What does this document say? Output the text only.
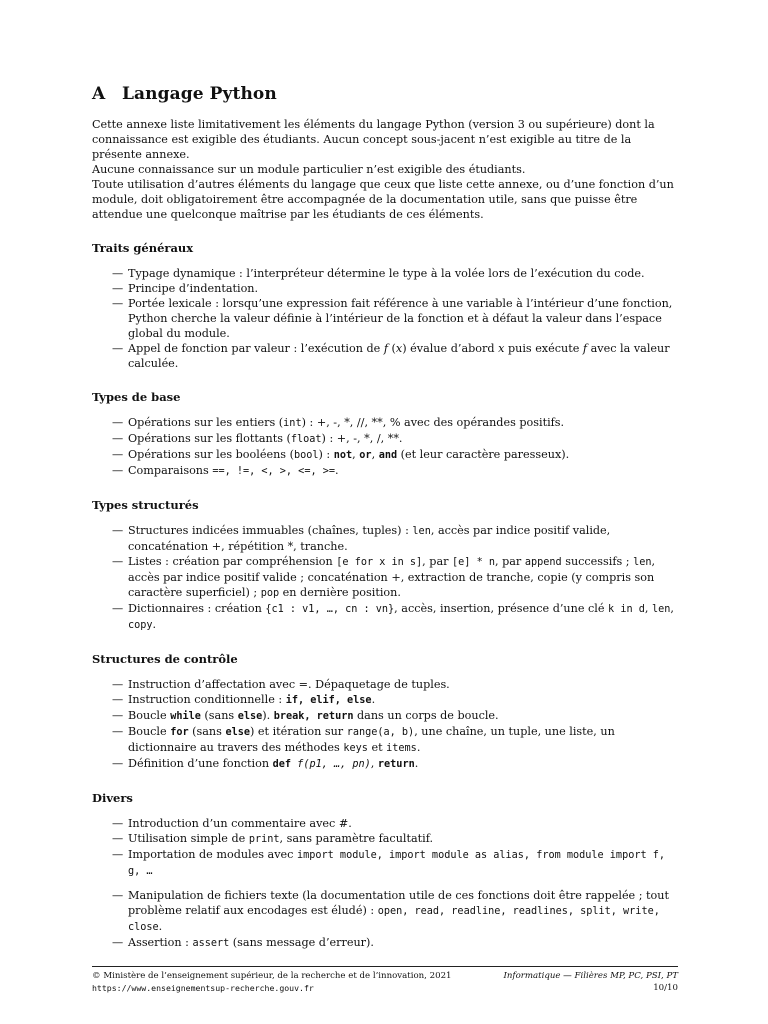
A Langage Python

Cette annexe liste limitativement les éléments du langage Python (version 3 ou supérieure) dont la connaissance est exigible des étudiants. Aucun concept sous-jacent n’est exigible au titre de la présente annexe.

Aucune connaissance sur un module particulier n’est exigible des étudiants.

Toute utilisation d’autres éléments du langage que ceux que liste cette annexe, ou d’une fonction d’un module, doit obligatoirement être accompagnée de la documentation utile, sans que puisse être attendue une quelconque maîtrise par les étudiants de ces éléments.

Traits généraux
— Typage dynamique : l’interpréteur détermine le type à la volée lors de l’exécution du code.
— Principe d’indentation.
— Portée lexicale : lorsqu’une expression fait référence à une variable à l’intérieur d’une fonction, Python cherche la valeur définie à l’intérieur de la fonction et à défaut la valeur dans l’espace global du module.
— Appel de fonction par valeur : l’exécution de f (x) évalue d’abord x puis exécute f avec la valeur calculée.
Types de base
— Opérations sur les entiers (int) : +, -, *, //, **, % avec des opérandes positifs.
— Opérations sur les flottants (float) : +, -, *, /, **.
— Opérations sur les booléens (bool) : not, or, and (et leur caractère paresseux).
— Comparaisons ==, !=, <, >, <=, >=.
Types structurés
— Structures indicées immuables (chaînes, tuples) : len, accès par indice positif valide, concaténation +, répétition *, tranche.
— Listes : création par compréhension [e for x in s], par [e] * n, par append successifs ; len, accès par indice positif valide ; concaténation +, extraction de tranche, copie (y compris son caractère superficiel) ; pop en dernière position.
— Dictionnaires : création {c1 : v1, …, cn : vn}, accès, insertion, présence d’une clé k in d, len, copy.
Structures de contrôle
— Instruction d’affectation avec =. Dépaquetage de tuples.
— Instruction conditionnelle : if, elif, else.
— Boucle while (sans else). break, return dans un corps de boucle.
— Boucle for (sans else) et itération sur range(a, b), une chaîne, un tuple, une liste, un dictionnaire au travers des méthodes keys et items.
— Définition d’une fonction def f(p1, …, pn), return.
Divers
— Introduction d’un commentaire avec #.
— Utilisation simple de print, sans paramètre facultatif.
— Importation de modules avec import module, import module as alias, from module import f, g, …
— Manipulation de fichiers texte (la documentation utile de ces fonctions doit être rappelée ; tout problème relatif aux encodages est éludé) : open, read, readline, readlines, split, write, close.
— Assertion : assert (sans message d’erreur).
© Ministère de l’enseignement supérieur, de la recherche et de l’innovation, 2021	Informatique — Filières MP, PC, PSI, PT
https://www.enseignementsup-recherche.gouv.fr	10/10
